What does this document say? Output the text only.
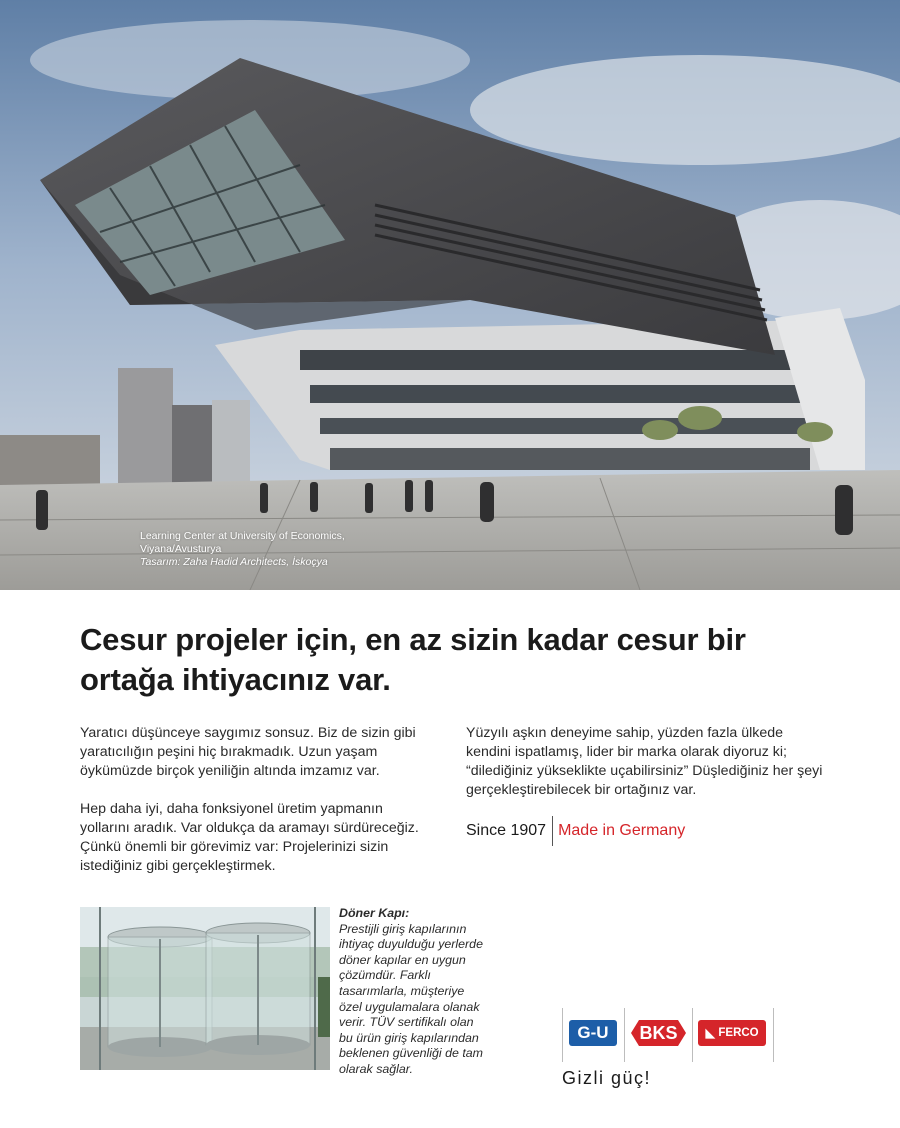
Learning Center at University of Economics,
Viyana/Avusturya
Tasarım: Zaha Hadid Architects, İskoçya
Cesur projeler için, en az sizin kadar cesur bir
ortağa ihtiyacınız var.

Yaratıcı düşünceye saygımız sonsuz. Biz de sizin gibi yaratıcılığın peşini hiç bırakmadık. Uzun yaşam öykümüzde birçok yeniliğin altında imzamız var.

Hep daha iyi, daha fonksiyonel üretim yapmanın yollarını aradık. Var oldukça da aramayı sürdüreceğiz. Çünkü önemli bir görevimiz var: Projelerinizi sizin istediğiniz gibi gerçekleştirmek.

Yüzyılı aşkın deneyime sahip, yüzden fazla ülkede kendini ispatlamış, lider bir marka olarak diyoruz ki; “dilediğiniz yükseklikte uçabilirsiniz” Düşlediğiniz her şeyi gerçekleştirebilecek bir ortağınız var.

Since 1907 Made in Germany
Döner Kapı:
Prestijli giriş kapılarının ihtiyaç duyulduğu yerlerde döner kapılar en uygun çözümdür. Farklı tasarımlarla, müşteriye özel uygulamalara olanak verir. TÜV sertifikalı olan bu ürün giriş kapılarından beklenen güvenliği de tam olarak sağlar.
G-U	BKS ◣ FERCO
Gizli güç!
